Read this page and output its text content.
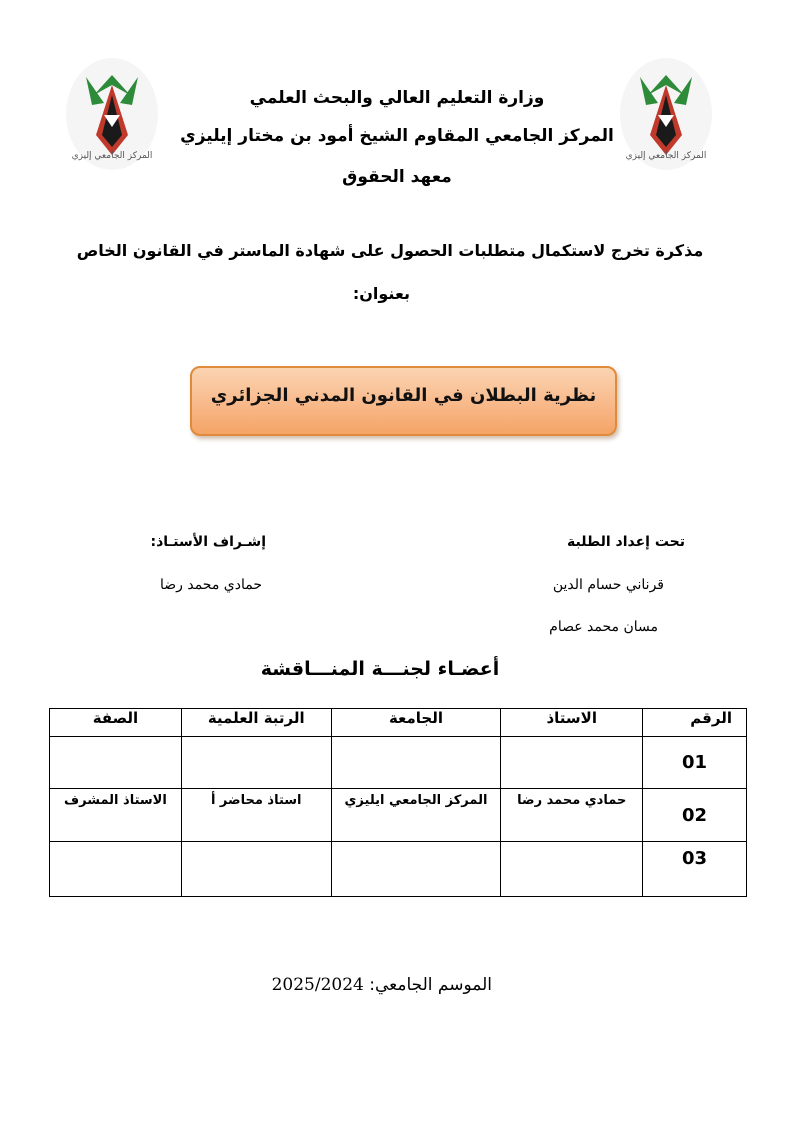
المركز الجامعي إليزي	المركز الجامعي إليزي
وزارة التعليم العالي والبحث العلمي
المركز الجامعي المقاوم الشيخ أمود بن مختار إيليزي
معهد الحقوق
مذكرة تخرج لاستكمال متطلبات الحصول على شهادة الماستر في القانون الخاص
بعنوان:
نظرية البطلان في القانون المدني الجزائري
تحت إعداد الطلبة
قرناني حسام الدين
مسان محمد عصام
إشـراف الأستـاذ:
حمادي محمد رضا
أعضـاء لجنـــة المنـــاقشة
الرقم	الاستاذ	الجامعة	الرتبة العلمية	الصفة
01				
02	حمادي محمد رضا	المركز الجامعي ايليزي	استاذ محاضر أ	الاستاذ المشرف
03				
الموسم الجامعي: 2025/2024
